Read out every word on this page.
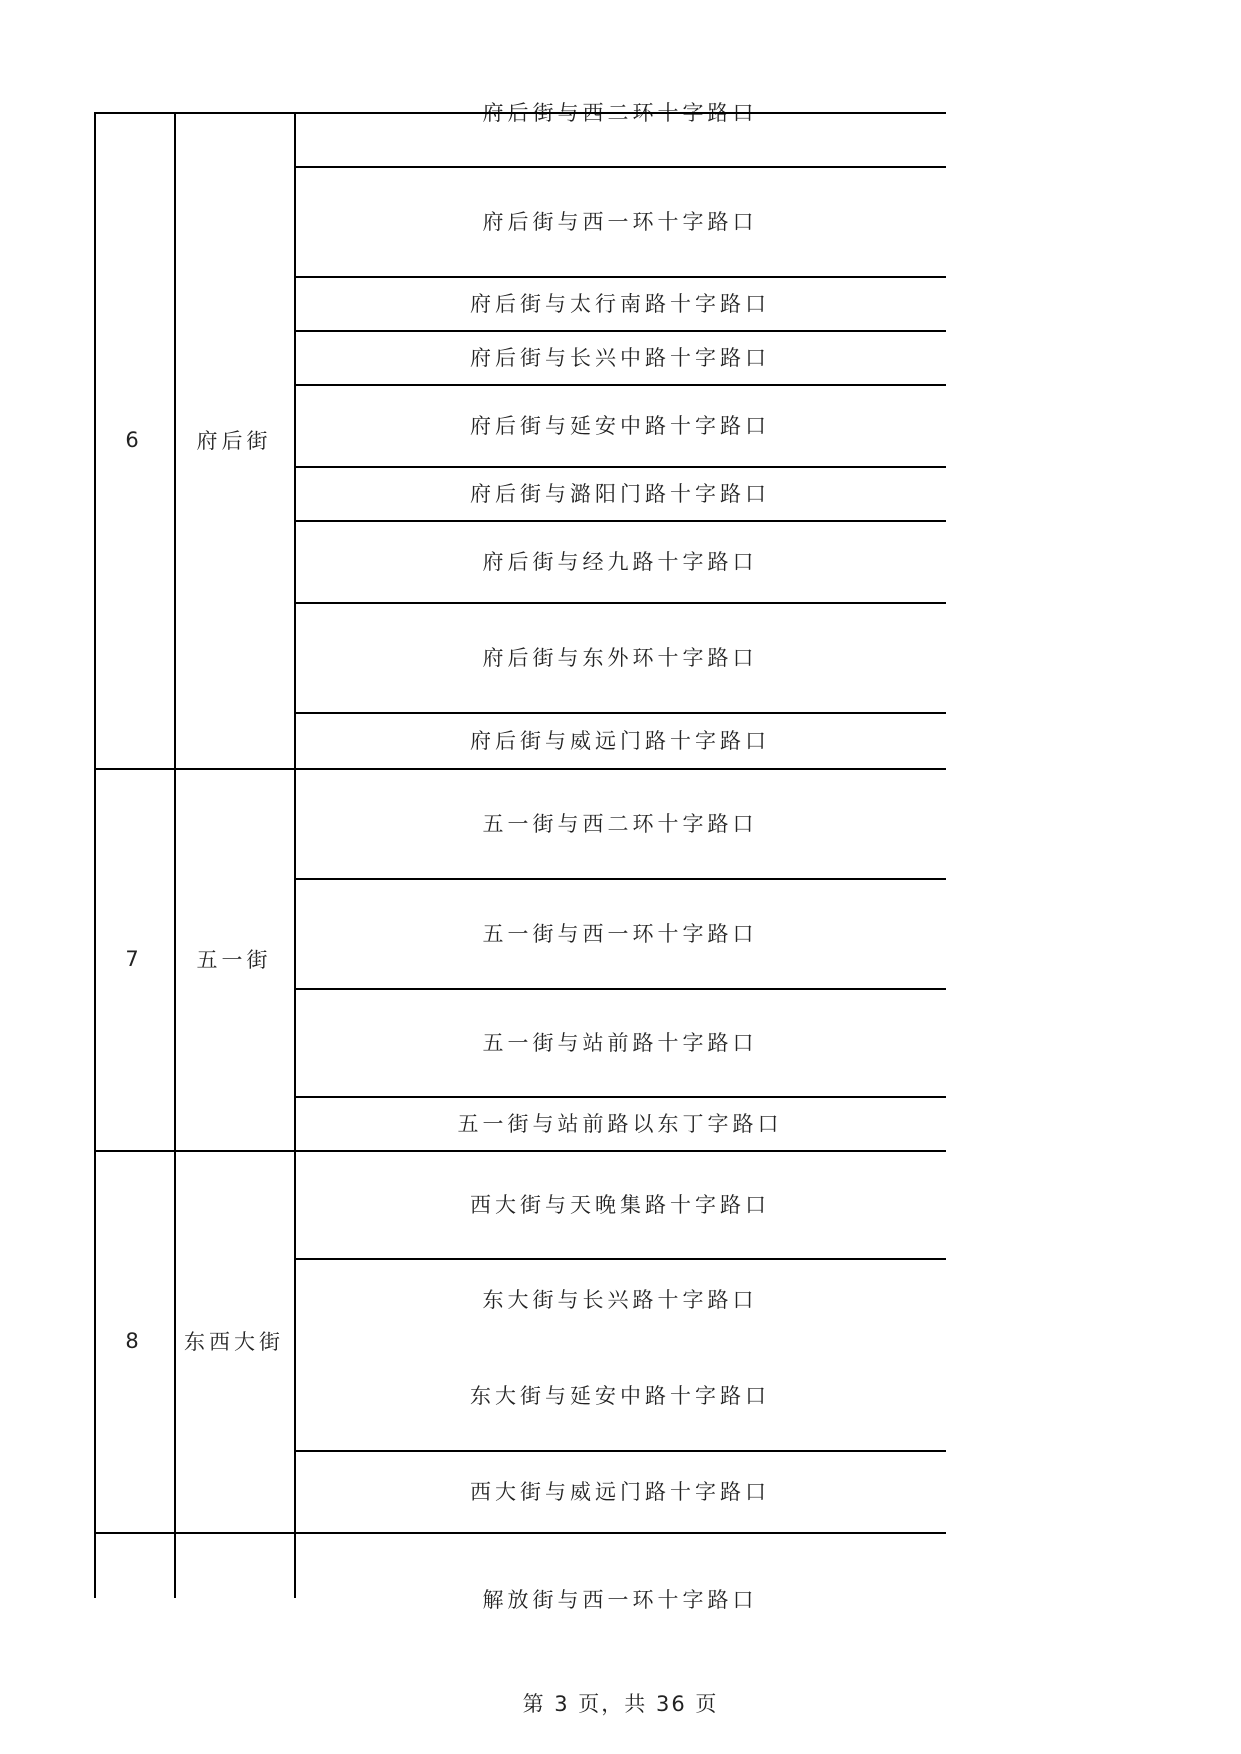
6	府后街
府后街与西二环十字路口
府后街与西一环十字路口
府后街与太行南路十字路口
府后街与长兴中路十字路口
府后街与延安中路十字路口
府后街与潞阳门路十字路口
府后街与经九路十字路口
府后街与东外环十字路口
府后街与威远门路十字路口
7	五一街
五一街与西二环十字路口
五一街与西一环十字路口
五一街与站前路十字路口
五一街与站前路以东丁字路口
8	东西大街
西大街与天晚集路十字路口
东大街与长兴路十字路口
东大街与延安中路十字路口
西大街与威远门路十字路口
解放街与西一环十字路口
第 3 页，共 36 页
